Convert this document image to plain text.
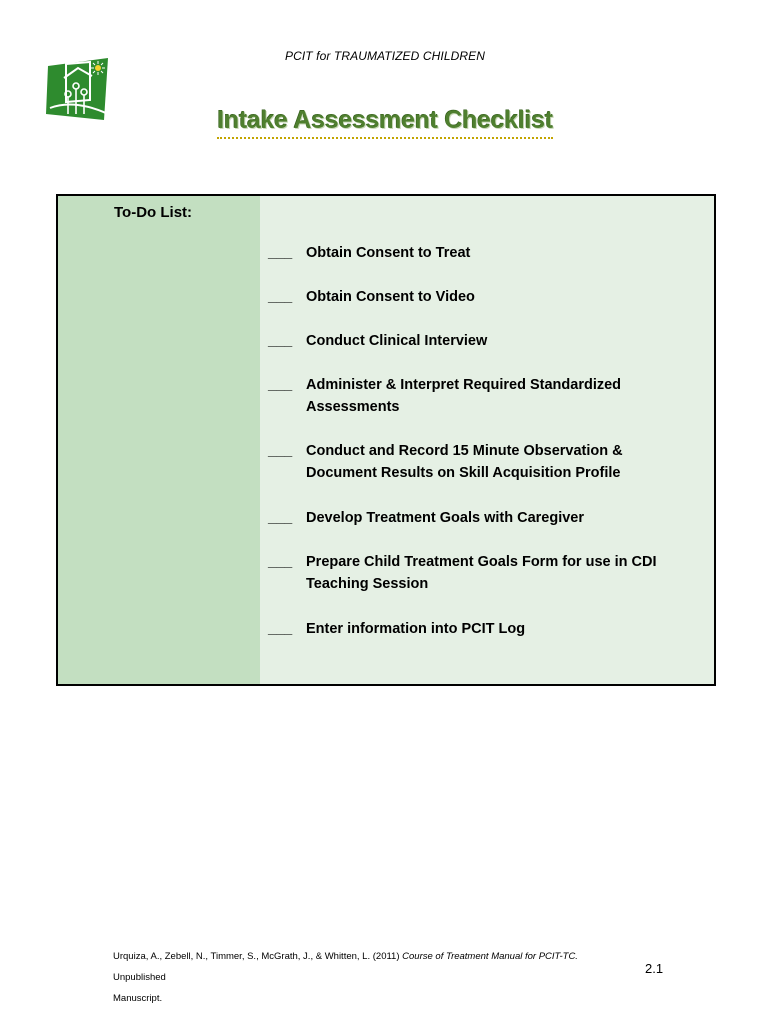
PCIT for TRAUMATIZED CHILDREN
Intake Assessment Checklist
To-Do List:
___ Obtain Consent to Treat
___ Obtain Consent to Video
___ Conduct Clinical Interview
___ Administer & Interpret Required Standardized
Assessments
___ Conduct and Record 15 Minute Observation &
Document Results on Skill Acquisition Profile
___ Develop Treatment Goals with Caregiver
___ Prepare Child Treatment Goals Form for use in CDI
Teaching Session
___ Enter information into PCIT Log
Urquiza, A., Zebell, N., Timmer, S., McGrath, J., & Whitten, L. (2011) Course of Treatment Manual for PCIT-TC. Unpublished
Manuscript.
2.1
